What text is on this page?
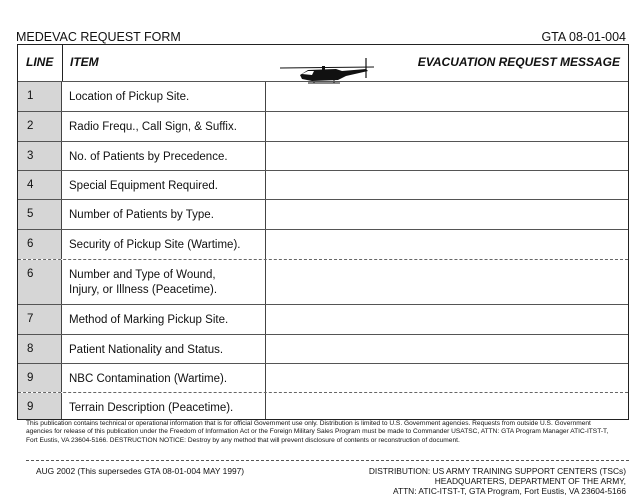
MEDEVAC REQUEST FORM	GTA 08-01-004
LINE ITEM	EVACUATION REQUEST MESSAGE
1	Location of Pickup Site.
2	Radio Frequ., Call Sign, & Suffix.
3	No. of Patients by Precedence.
4	Special Equipment Required.
5	Number of Patients by Type.
6	Security of Pickup Site (Wartime).
6	Number and Type of Wound,
Injury, or Illness (Peacetime).
7	Method of Marking Pickup Site.
8	Patient Nationality and Status.
9	NBC Contamination (Wartime).
9	Terrain Description (Peacetime).
This publication contains technical or operational information that is for official Government use only. Distribution is limited to U.S. Government agencies. Requests from outside U.S. Government agencies for release of this publication under the Freedom of Information Act or the Foreign Military Sales Program must be made to Commander USATSC, ATTN: GTA Program Manager ATIC-ITST-T, Fort Eustis, VA 23604-5166. DESTRUCTION NOTICE: Destroy by any method that will prevent disclosure of contents or reconstruction of document.
AUG 2002 (This supersedes GTA 08-01-004 MAY 1997)	DISTRIBUTION: US ARMY TRAINING SUPPORT CENTERS (TSCs)
HEADQUARTERS, DEPARTMENT OF THE ARMY,
ATTN: ATIC-ITST-T, GTA Program, Fort Eustis, VA 23604-5166
